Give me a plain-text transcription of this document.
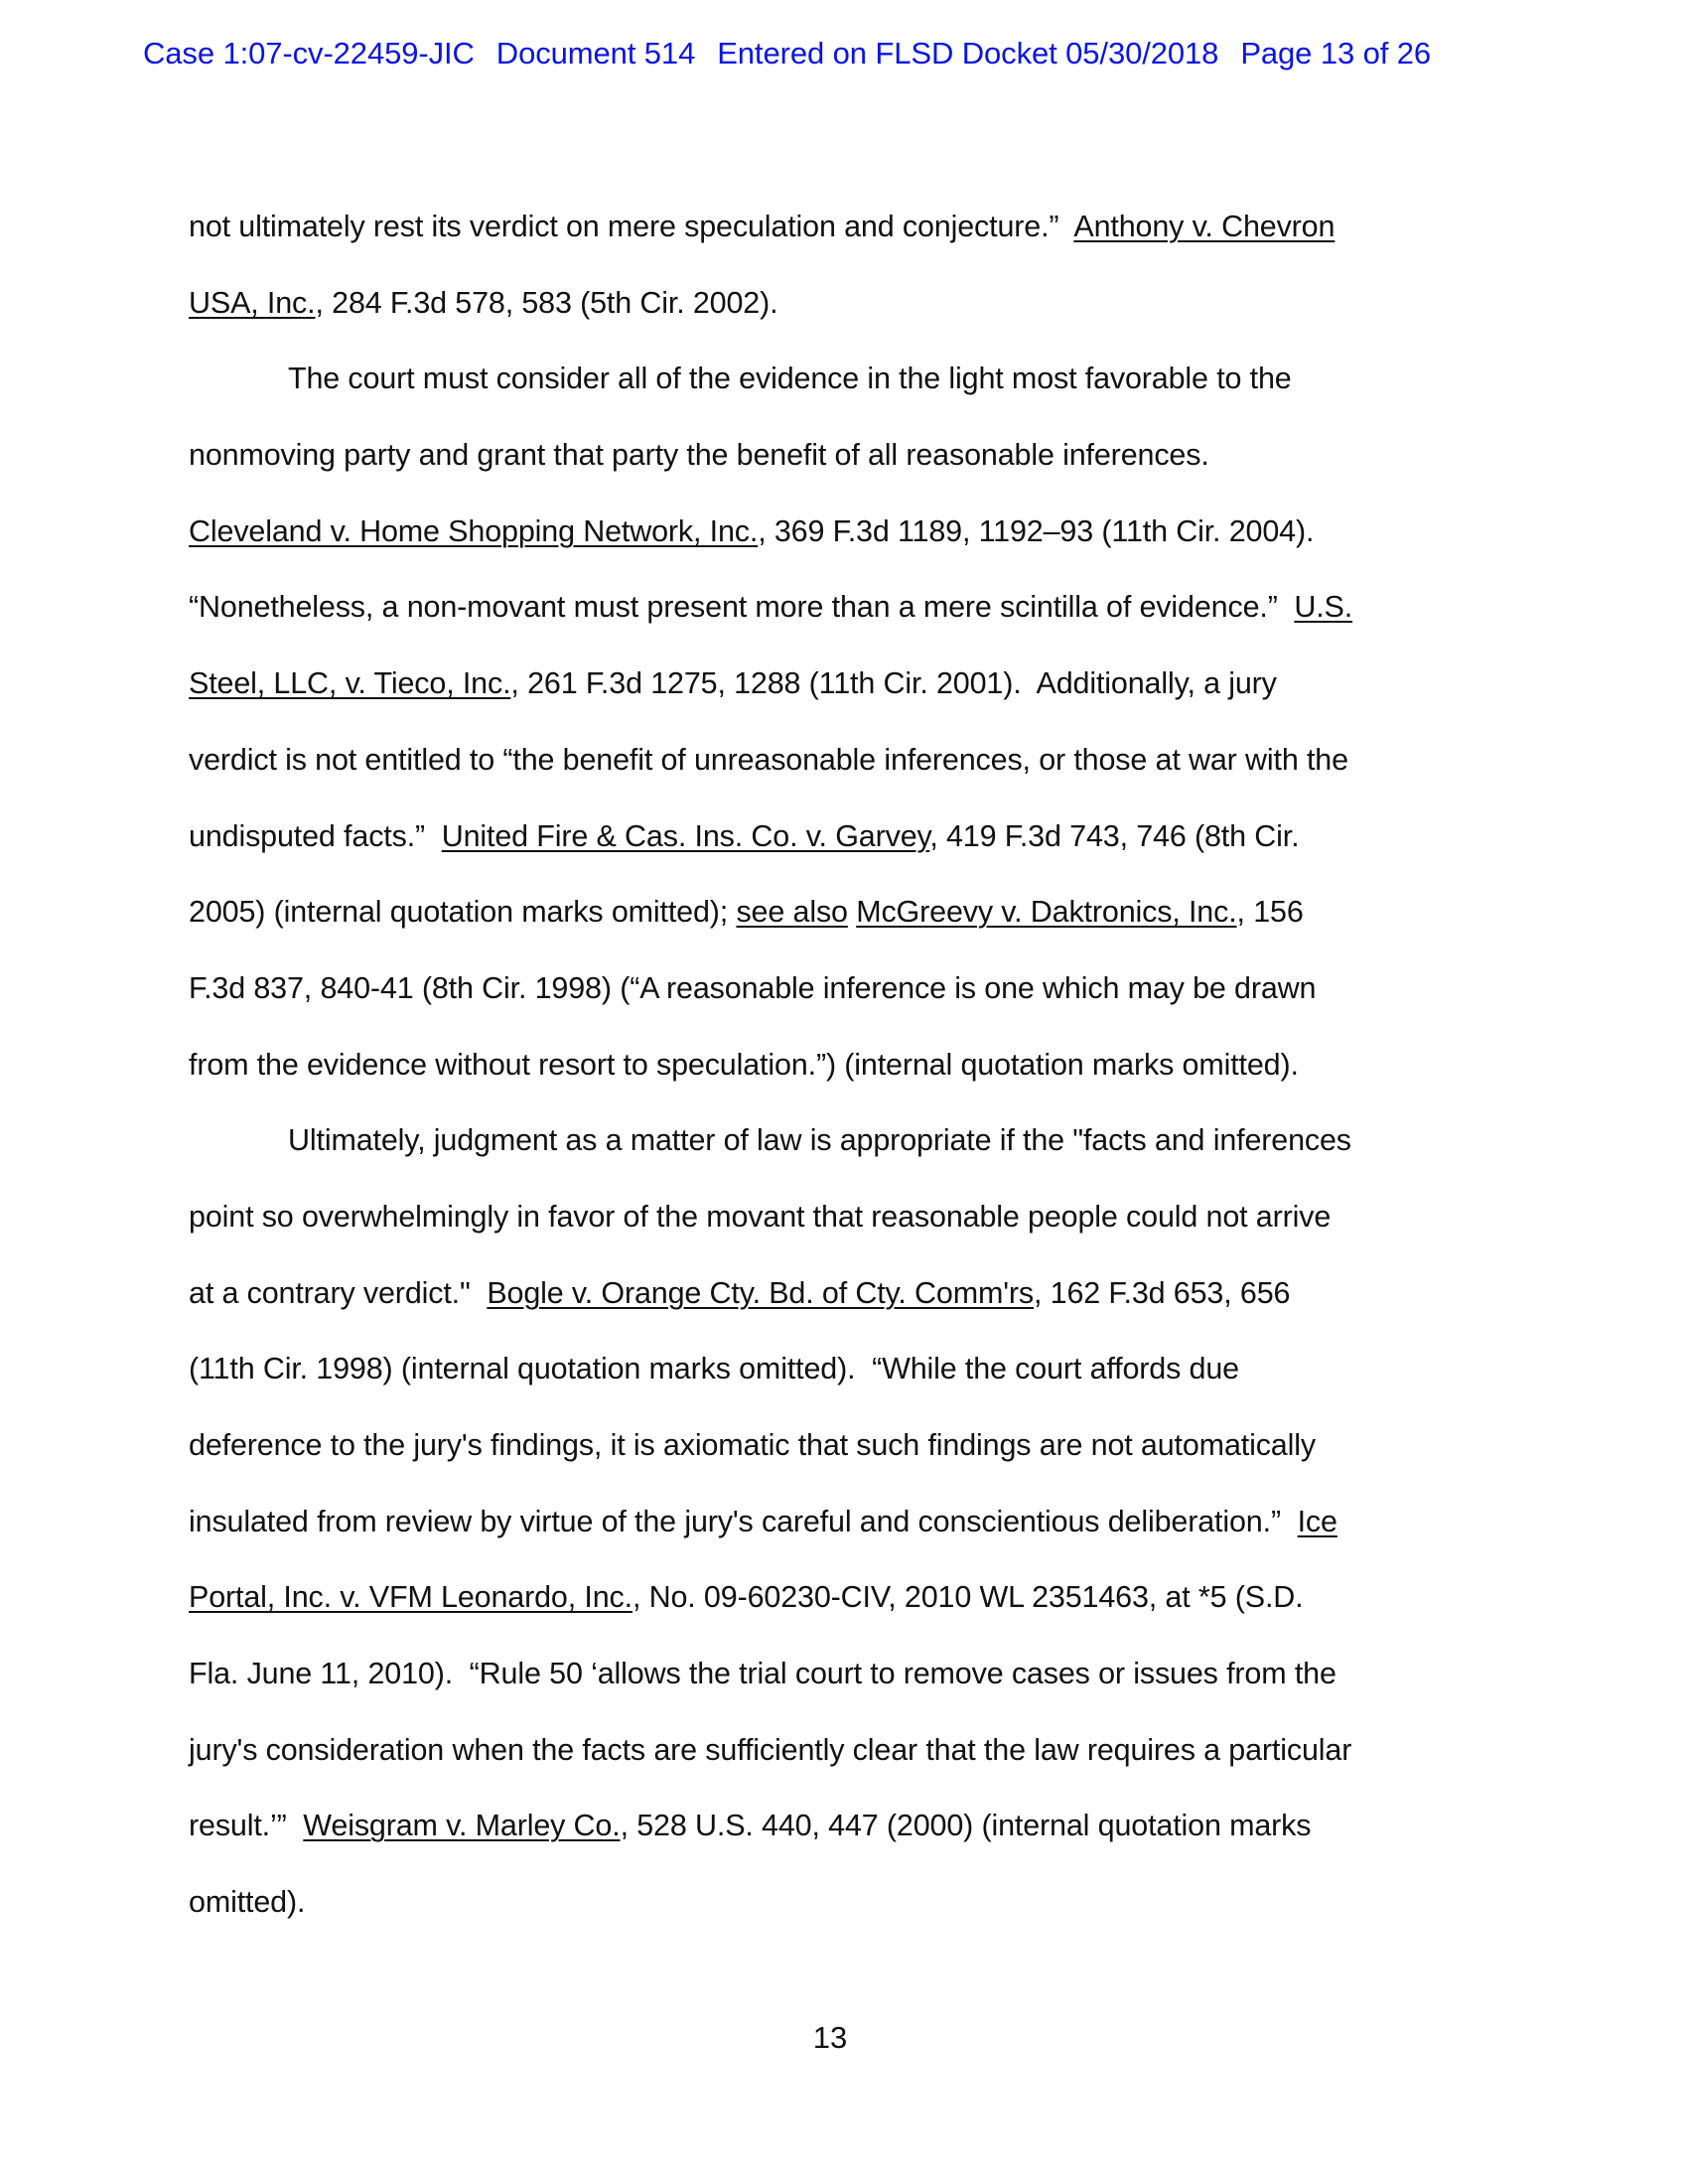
Case 1:07-cv-22459-JIC Document 514 Entered on FLSD Docket 05/30/2018 Page 13 of 26
not ultimately rest its verdict on mere speculation and conjecture.”  Anthony v. Chevron
USA, Inc., 284 F.3d 578, 583 (5th Cir. 2002).
The court must consider all of the evidence in the light most favorable to the
nonmoving party and grant that party the benefit of all reasonable inferences.
Cleveland v. Home Shopping Network, Inc., 369 F.3d 1189, 1192–93 (11th Cir. 2004).
“Nonetheless, a non-movant must present more than a mere scintilla of evidence.”  U.S.
Steel, LLC, v. Tieco, Inc., 261 F.3d 1275, 1288 (11th Cir. 2001).  Additionally, a jury
verdict is not entitled to “the benefit of unreasonable inferences, or those at war with the
undisputed facts.”  United Fire & Cas. Ins. Co. v. Garvey, 419 F.3d 743, 746 (8th Cir.
2005) (internal quotation marks omitted); see also McGreevy v. Daktronics, Inc., 156
F.3d 837, 840-41 (8th Cir. 1998) (“A reasonable inference is one which may be drawn
from the evidence without resort to speculation.”) (internal quotation marks omitted).
Ultimately, judgment as a matter of law is appropriate if the "facts and inferences
point so overwhelmingly in favor of the movant that reasonable people could not arrive
at a contrary verdict."  Bogle v. Orange Cty. Bd. of Cty. Comm'rs, 162 F.3d 653, 656
(11th Cir. 1998) (internal quotation marks omitted).  “While the court affords due
deference to the jury's findings, it is axiomatic that such findings are not automatically
insulated from review by virtue of the jury's careful and conscientious deliberation.”  Ice
Portal, Inc. v. VFM Leonardo, Inc., No. 09-60230-CIV, 2010 WL 2351463, at *5 (S.D.
Fla. June 11, 2010).  “Rule 50 ‘allows the trial court to remove cases or issues from the
jury's consideration when the facts are sufficiently clear that the law requires a particular
result.’”  Weisgram v. Marley Co., 528 U.S. 440, 447 (2000) (internal quotation marks
omitted).
13
